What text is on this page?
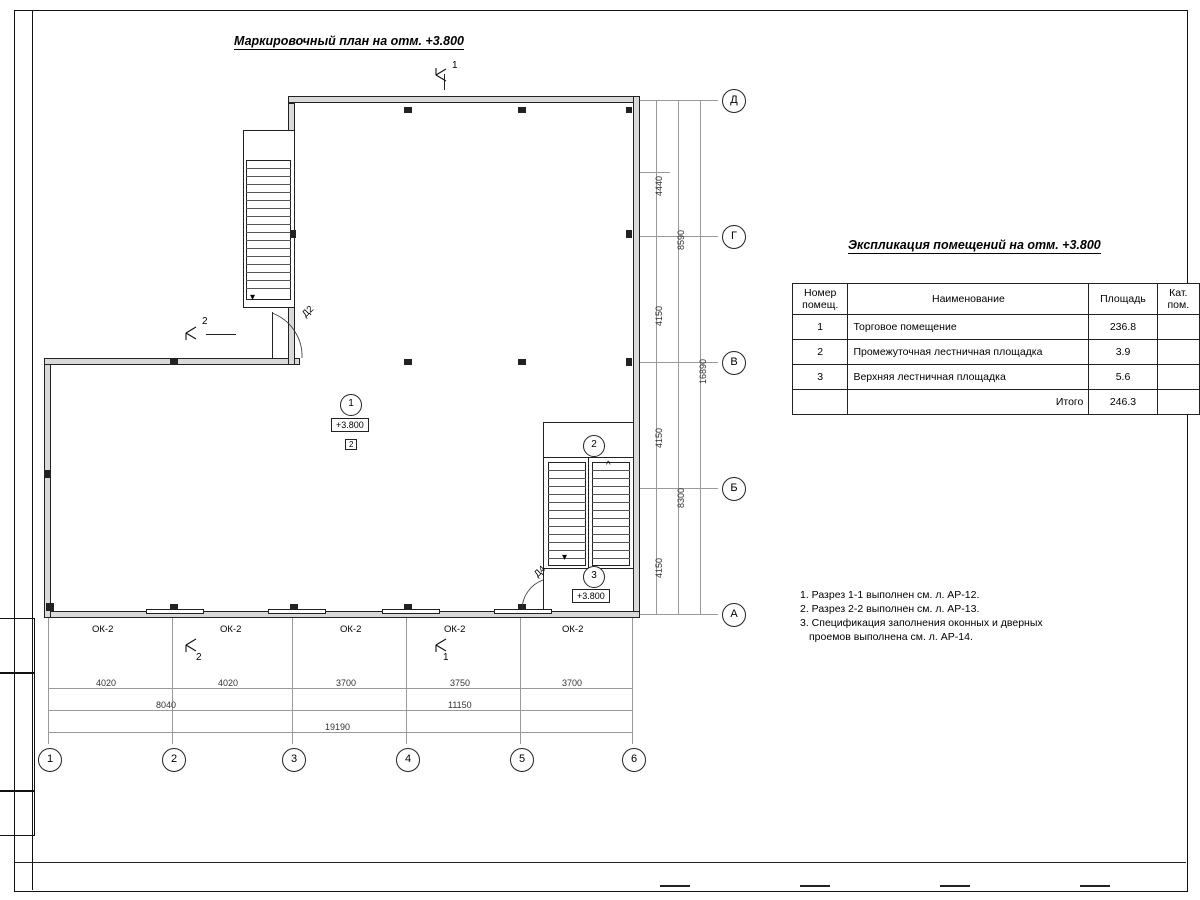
Маркировочный план на отм. +3.800
Экспликация помещений на отм. +3.800
▾
▾
^
ОК-2	ОК-2	ОК-2	ОК-2	ОК-2
Д2
Д4
1
+3.800
2	2
3
+3.800
1
1
2
2
4440
4150
4150
4150
8590
8300
16890
Д
Г
В
Б
А
4020	4020	3700	3750	3700
8040	11150
19190
1	2	3	4	5	6
Номер помещ.	Наименование	Площадь	Кат. пом.

1	Торговое помещение	236.8	
2	Промежуточная лестничная площадка	3.9	
3	Верхняя лестничная площадка	5.6	
	Итого	246.3	
1. Разрез 1-1 выполнен см. л. АР-12.
2. Разрез 2-2 выполнен см. л. АР-13.
3. Спецификация заполнения оконных и дверных
проемов выполнена см. л. АР-14.
